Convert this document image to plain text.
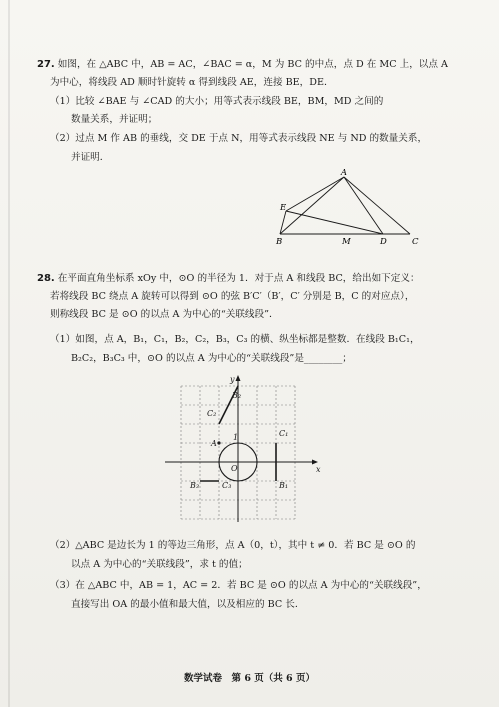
27. 如图，在 △ABC 中，AB = AC，∠BAC = α，M 为 BC 的中点，点 D 在 MC 上，以点 A
为中心，将线段 AD 顺时针旋转 α 得到线段 AE，连接 BE，DE．
（1）比较 ∠BAE 与 ∠CAD 的大小；用等式表示线段 BE，BM，MD 之间的
数量关系，并证明；
（2）过点 M 作 AB 的垂线，交 DE 于点 N，用等式表示线段 NE 与 ND 的数量关系，
并证明．
A
E
B	M	D	C
28. 在平面直角坐标系 xOy 中，⊙O 的半径为 1．对于点 A 和线段 BC，给出如下定义：
若将线段 BC 绕点 A 旋转可以得到 ⊙O 的弦 B′C′（B′，C′ 分别是 B，C 的对应点），
则称线段 BC 是 ⊙O 的以点 A 为中心的“关联线段”．
（1）如图，点 A，B₁，C₁，B₂，C₂，B₃，C₃ 的横、纵坐标都是整数．在线段 B₁C₁，
B₂C₂，B₃C₃ 中，⊙O 的以点 A 为中心的“关联线段”是________；
y
x
O
1
A
B₂
C₂
C₁
B₁
B₃	C₃
（2）△ABC 是边长为 1 的等边三角形，点 A（0，t），其中 t ≠ 0．若 BC 是 ⊙O 的
以点 A 为中心的“关联线段”，求 t 的值；
（3）在 △ABC 中，AB = 1，AC = 2．若 BC 是 ⊙O 的以点 A 为中心的“关联线段”，
直接写出 OA 的最小值和最大值，以及相应的 BC 长．
数学试卷　第 6 页（共 6 页）
